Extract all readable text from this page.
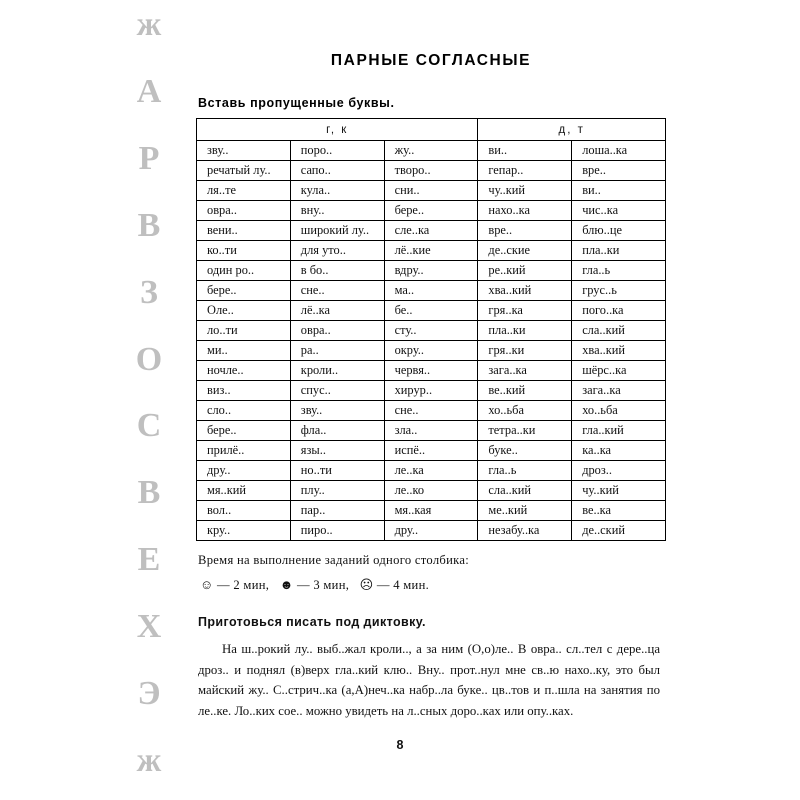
ж
А
Р
В
З
О
С
В
Е
Х
Э
ж
ПАРНЫЕ СОГЛАСНЫЕ
Вставь пропущенные буквы.
г, к			д, т	
зву..	поро..	жу..	ви..	лоша..ка
речатый лу..	сапо..	творо..	гепар..	вре..
ля..те	кула..	сни..	чу..кий	ви..
овра..	вну..	бере..	нахо..ка	чис..ка
вени..	широкий лу..	сле..ка	вре..	блю..це
ко..ти	для уто..	лё..кие	де..ские	пла..ки
один ро..	в бо..	вдру..	ре..кий	гла..ь
бере..	сне..	ма..	хва..кий	грус..ь
Оле..	лё..ка	бе..	гря..ка	пого..ка
ло..ти	овра..	сту..	пла..ки	сла..кий
ми..	ра..	окру..	гря..ки	хва..кий
ночле..	кроли..	червя..	зага..ка	шёрс..ка
виз..	спус..	хирур..	ве..кий	зага..ка
сло..	зву..	сне..	хо..ьба	хо..ьба
бере..	фла..	зла..	тетра..ки	гла..кий
прилё..	язы..	испё..	буке..	ка..ка
дру..	но..ти	ле..ка	гла..ь	дроз..
мя..кий	плу..	ле..ко	сла..кий	чу..кий
вол..	пар..	мя..кая	ме..кий	ве..ка
кру..	пиро..	дру..	незабу..ка	де..ский
Время на выполнение заданий одного столбика:
☺ — 2 мин, ☻ — 3 мин, ☹ — 4 мин.
Приготовься писать под диктовку.

На ш..рокий лу.. выб..жал кроли.., а за ним (О,о)ле.. В овра.. сл..тел с дере..ца дроз.. и поднял (в)верх гла..кий клю.. Вну.. прот..нул мне св..ю нахо..ку, это был майский жу.. С..стрич..ка (а,А)неч..ка набр..ла буке.. цв..тов и п..шла на занятия по ле..ке. Ло..ких сое.. можно увидеть на л..сных доро..ках или опу..ках.

8
